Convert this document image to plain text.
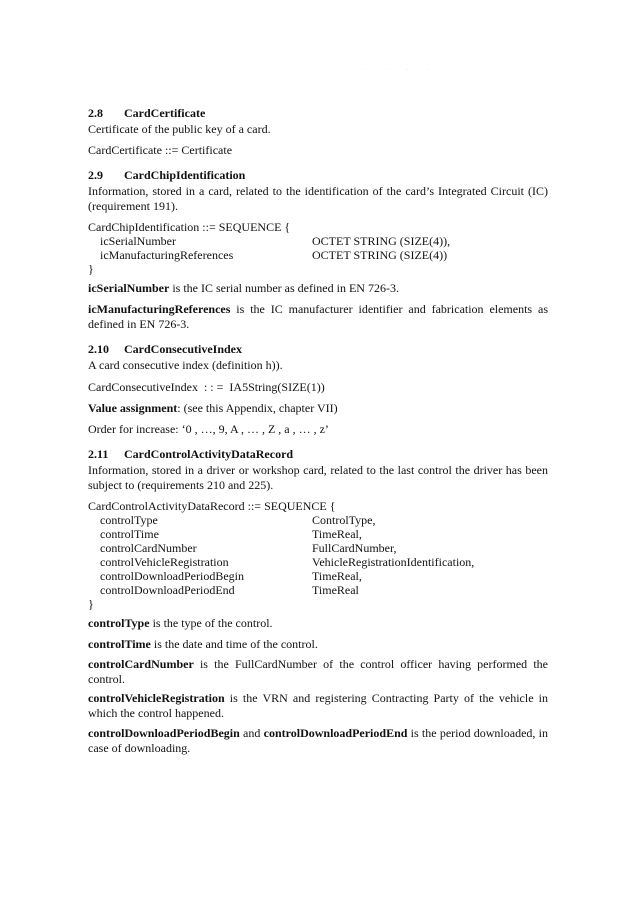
· · · ·
2.8 CardCertificate

Certificate of the public key of a card.

CardCertificate ::= Certificate

2.9 CardChipIdentification

Information, stored in a card, related to the identification of the card’s Integrated Circuit (IC) (requirement 191).

CardChipIdentification ::= SEQUENCE {
icSerialNumber	OCTET STRING (SIZE(4)),
icManufacturingReferences	OCTET STRING (SIZE(4))
}

icSerialNumber is the IC serial number as defined in EN 726-3.

icManufacturingReferences is the IC manufacturer identifier and fabrication elements as defined in EN 726-3.

2.10 CardConsecutiveIndex

A card consecutive index (definition h)).

CardConsecutiveIndex  : : =  IA5String(SIZE(1))

Value assignment: (see this Appendix, chapter VII)

Order for increase: ‘0 , …, 9, A , … , Z , a , … , z’

2.11 CardControlActivityDataRecord

Information, stored in a driver or workshop card, related to the last control the driver has been subject to (requirements 210 and 225).

CardControlActivityDataRecord ::= SEQUENCE {
controlType	ControlType,
controlTime	TimeReal,
controlCardNumber	FullCardNumber,
controlVehicleRegistration	VehicleRegistrationIdentification,
controlDownloadPeriodBegin	TimeReal,
controlDownloadPeriodEnd	TimeReal
}

controlType is the type of the control.

controlTime is the date and time of the control.

controlCardNumber is the FullCardNumber of the control officer having performed the control.

controlVehicleRegistration is the VRN and registering Contracting Party of the vehicle in which the control happened.

controlDownloadPeriodBegin and controlDownloadPeriodEnd is the period downloaded, in case of downloading.
